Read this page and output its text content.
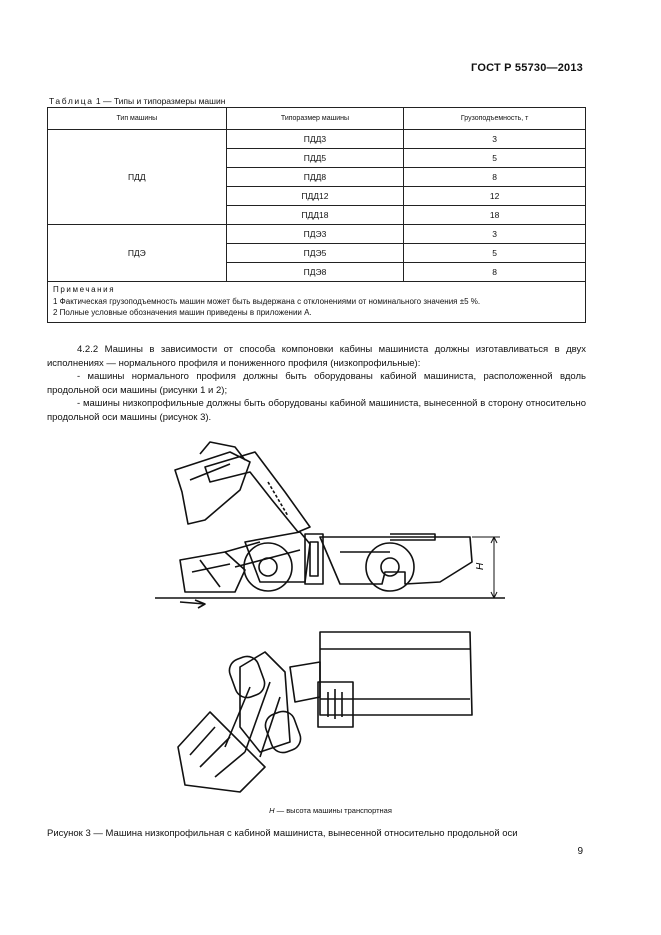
ГОСТ Р 55730—2013
Таблица 1 — Типы и типоразмеры машин
Тип машины	Типоразмер машины	Грузоподъемность, т
ПДД	ПДД3	3
	ПДД5	5
	ПДД8	8
	ПДД12	12
	ПДД18	18
ПДЭ	ПДЭ3	3
	ПДЭ5	5
	ПДЭ8	8

Примечания
1 Фактическая грузоподъемность машин может быть выдержана с отклонениями от номинального значения ±5 %.
2 Полные условные обозначения машин приведены в приложении А.		

4.2.2 Машины в зависимости от способа компоновки кабины машиниста должны изготавливаться в двух исполнениях — нормального профиля и пониженного профиля (низкопрофильные):

- машины нормального профиля должны быть оборудованы кабиной машиниста, расположенной вдоль продольной оси машины (рисунки 1 и 2);

- машины низкопрофильные должны быть оборудованы кабиной машиниста, вынесенной в сторону относительно продольной оси машины (рисунок 3).

H
H — высота машины транспортная
Рисунок 3 — Машина низкопрофильная с кабиной машиниста, вынесенной относительно продольной оси
9
